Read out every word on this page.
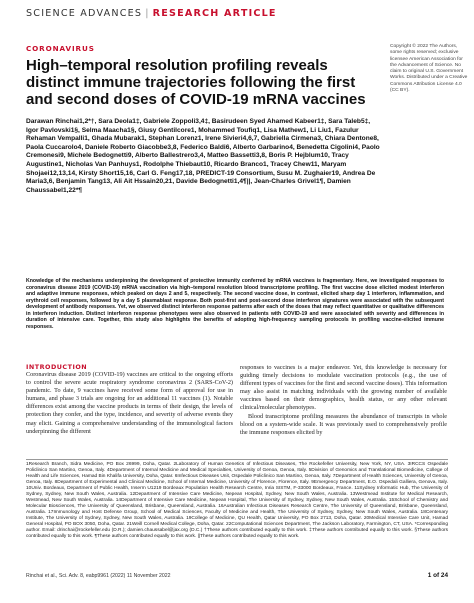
SCIENCE ADVANCES | RESEARCH ARTICLE
CORONAVIRUS
High–temporal resolution profiling reveals distinct immune trajectories following the first and second doses of COVID-19 mRNA vaccines
Copyright © 2022 The Authors, some rights reserved; exclusive licensee American Association for the Advancement of Science. No claim to original U.S. Government Works. Distributed under a Creative Commons Attribution License 4.0 (CC BY).
Darawan Rinchai1,2*†, Sara Deola1‡, Gabriele Zoppoli3,4‡, Basirudeen Syed Ahamed Kabeer1‡, Sara Taleb5‡, Igor Pavlovski1§, Selma Maacha1§, Giusy Gentilcore1, Mohammed Toufiq1, Lisa Mathew1, Li Liu1, Fazulur Rehaman Vempalli1, Ghada Mubarak1, Stephan Lorenz1, Irene Sivieri4,6,7, Gabriella Cirmena3, Chiara Dentone8, Paola Cuccarolo4, Daniele Roberto Giacobbe3,8, Federico Baldi6, Alberto Garbarino4, Benedetta Cigolini4, Paolo Cremonesi9, Michele Bedognetti9, Alberto Ballestrero3,4, Matteo Bassetti3,8, Boris P. Hejblum10, Tracy Augustine1, Nicholas Van Panhuys1, Rodolphe Thiebaut10, Ricardo Branco1, Tracey Chew11, Maryam Shojaei12,13,14, Kirsty Short15,16, Carl G. Feng17,18, PREDICT-19 Consortium, Susu M. Zughaier19, Andrea De Maria3,6, Benjamin Tang13, Ali Ait Hssain20,21, Davide Bedognetti1,4¶||, Jean-Charles Grivel1¶, Damien Chaussabel1,22*¶
Knowledge of the mechanisms underpinning the development of protective immunity conferred by mRNA vaccines is fragmentary. Here, we investigated responses to coronavirus disease 2019 (COVID-19) mRNA vaccination via high–temporal resolution blood transcriptome profiling. The first vaccine dose elicited modest interferon and adaptive immune responses, which peaked on days 2 and 5, respectively. The second vaccine dose, in contrast, elicited sharp day 1 interferon, inflammation, and erythroid cell responses, followed by a day 5 plasmablast response. Both post-first and post-second dose interferon signatures were associated with the subsequent development of antibody responses. Yet, we observed distinct interferon response patterns after each of the doses that may reflect quantitative or qualitative differences in interferon induction. Distinct interferon response phenotypes were also observed in patients with COVID-19 and were associated with severity and differences in duration of intensive care. Together, this study also highlights the benefits of adopting high-frequency sampling protocols in profiling vaccine-elicited immune responses.
INTRODUCTION

Coronavirus disease 2019 (COVID-19) vaccines are critical to the ongoing efforts to control the severe acute respiratory syndrome coronavirus 2 (SARS-CoV-2) pandemic. To date, 9 vaccines have received some form of approval for use in humans, and phase 3 trials are ongoing for an additional 11 vaccines (1). Notable differences exist among the vaccine products in terms of their design, the levels of protection they confer, and the type, incidence, and severity of adverse events they may elicit. Gaining a comprehensive understanding of the immunological factors underpinning the different

responses to vaccines is a major endeavor. Yet, this knowledge is necessary for guiding timely decisions to modulate vaccination protocols (e.g., the use of different types of vaccines for the first and second vaccine doses). This information may also assist in matching individuals with the growing number of available vaccines based on their demographics, health status, or any other relevant clinical/molecular phenotypes.

Blood transcriptome profiling measures the abundance of transcripts in whole blood on a system-wide scale. It was previously used to comprehensively profile the immune responses elicited by

1Research Branch, Sidra Medicine, PO Box 26999, Doha, Qatar. 2Laboratory of Human Genetics of Infectious Diseases, The Rockefeller University, New York, NY, USA. 3IRCCS Ospedale Policlinico San Martino, Genoa, Italy. 4Department of Internal Medicine and Medical Specialties, University of Genoa, Genoa, Italy. 5Division of Genomics and Translational Biomedicine, College of Health and Life Sciences, Hamad Bin Khalifa University, Doha, Qatar. 6Infectious Diseases Unit, Ospedale Policlinico San Martino, Genoa, Italy. 7Department of Health Sciences, University of Genoa, Genoa, Italy. 8Department of Experimental and Clinical Medicine, School of Internal Medicine, University of Florence, Florence, Italy. 9Emergency Department, E.O. Ospedali Galliera, Genova, Italy. 10Univ. Bordeaux, Department of Public Health, Inserm U1219 Bordeaux Population Health Research Centre, Inria SISTM, F-33000 Bordeaux, France. 11Sydney Informatic Hub, The University of Sydney, Sydney, New South Wales, Australia. 12Department of Intensive Care Medicine, Nepean Hospital, Sydney, New South Wales, Australia. 13Westmead Institute for Medical Research, Westmead, New South Wales, Australia. 14Department of Intensive Care Medicine, Nepean Hospital, The University of Sydney, Sydney, New South Wales, Australia. 15School of Chemistry and Molecular Biosciences, The University of Queensland, Brisbane, Queensland, Australia. 16Australian Infectious Diseases Research Centre, The University of Queensland, Brisbane, Queensland, Australia. 17Immunology and Host Defense Group, School of Medical Sciences, Faculty of Medicine and Health, The University of Sydney, Sydney, New South Wales, Australia. 18Centenary Institute, The University of Sydney, Sydney, New South Wales, Australia. 19College of Medicine, QU Health, Qatar University, PO Box 2713, Doha, Qatar. 20Medical Intensive Care Unit, Hamad General Hospital, PO BOX 3050, Doha, Qatar. 21Weill Cornell Medical College, Doha, Qatar. 22Computational Sciences Department, The Jackson Laboratory, Farmington, CT, USA. *Corresponding author. Email: drinchai@rockefeller.edu (D.R.); damien.chaussabel@jax.org (D.C.) †These authors contributed equally to this work. ‡These authors contributed equally to this work. §These authors contributed equally to this work. ¶These authors contributed equally to this work. ||These authors contributed equally to this work.
Rinchai et al., Sci. Adv. 8, eabp9961 (2022) 11 November 2022	1 of 24
